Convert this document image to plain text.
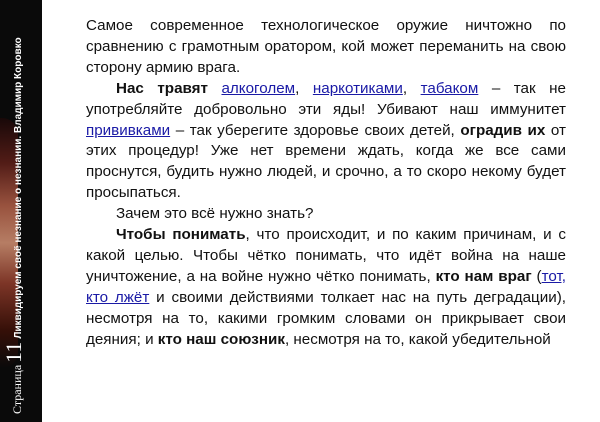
Страница11Ликвидируем своё незнание о незнании. Владимир Коровко

Самое современное технологическое оружие ничтожно по сравнению с грамотным оратором, кой может переманить на свою сторону армию врага.

Нас травят алкоголем, наркотиками, табаком – так не употребляйте добровольно эти яды! Убивают наш иммунитет прививками – так уберегите здоровье своих детей, оградив их от этих процедур! Уже нет времени ждать, когда же все сами проснутся, будить нужно людей, и срочно, а то скоро некому будет просыпаться.

Зачем это всё нужно знать?

Чтобы понимать, что происходит, и по каким причинам, и с какой целью. Чтобы чётко понимать, что идёт война на наше уничтожение, а на войне нужно чётко понимать, кто нам враг (тот, кто лжёт и своими действиями толкает нас на путь деградации), несмотря на то, какими громким словами он прикрывает свои деяния; и кто наш союзник, несмотря на то, какой убедительной
